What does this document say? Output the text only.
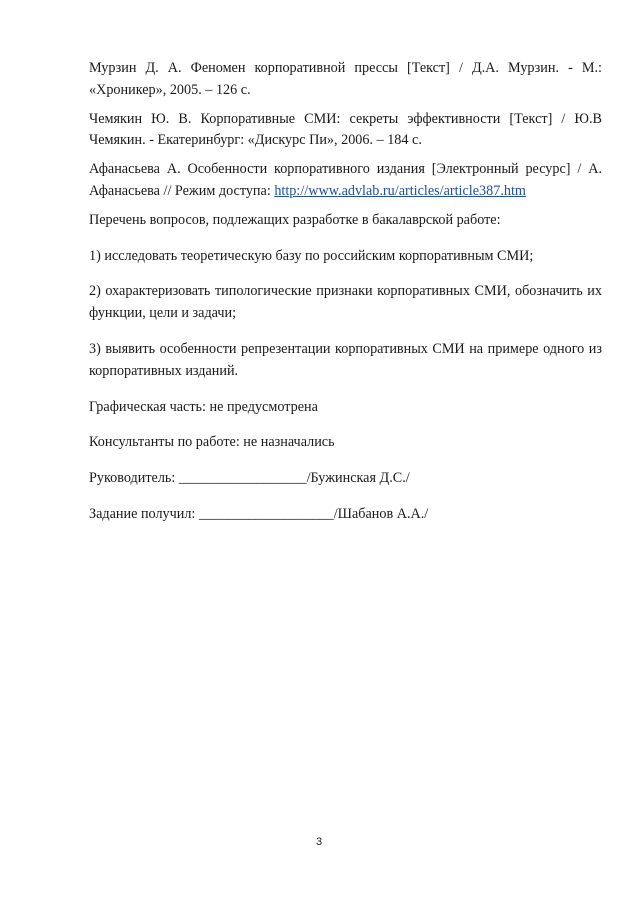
Мурзин Д. А. Феномен корпоративной прессы [Текст] / Д.А. Мурзин. - М.: «Хроникер», 2005. – 126 с.

Чемякин Ю. В. Корпоративные СМИ: секреты эффективности [Текст] / Ю.В Чемякин. - Екатеринбург: «Дискурс Пи», 2006. – 184 с.

Афанасьева А. Особенности корпоративного издания [Электронный ресурс] / А. Афанасьева // Режим доступа: http://www.advlab.ru/articles/article387.htm

Перечень вопросов, подлежащих разработке в бакалаврской работе:

1) исследовать теоретическую базу по российским корпоративным СМИ;

2) охарактеризовать типологические признаки корпоративных СМИ, обозначить их функции, цели и задачи;

3) выявить особенности репрезентации корпоративных СМИ на примере одного из корпоративных изданий.

Графическая часть: не предусмотрена

Консультанты по работе: не назначались

Руководитель: __________________/Бужинская Д.С./

Задание получил: ___________________/Шабанов А.А./

3
